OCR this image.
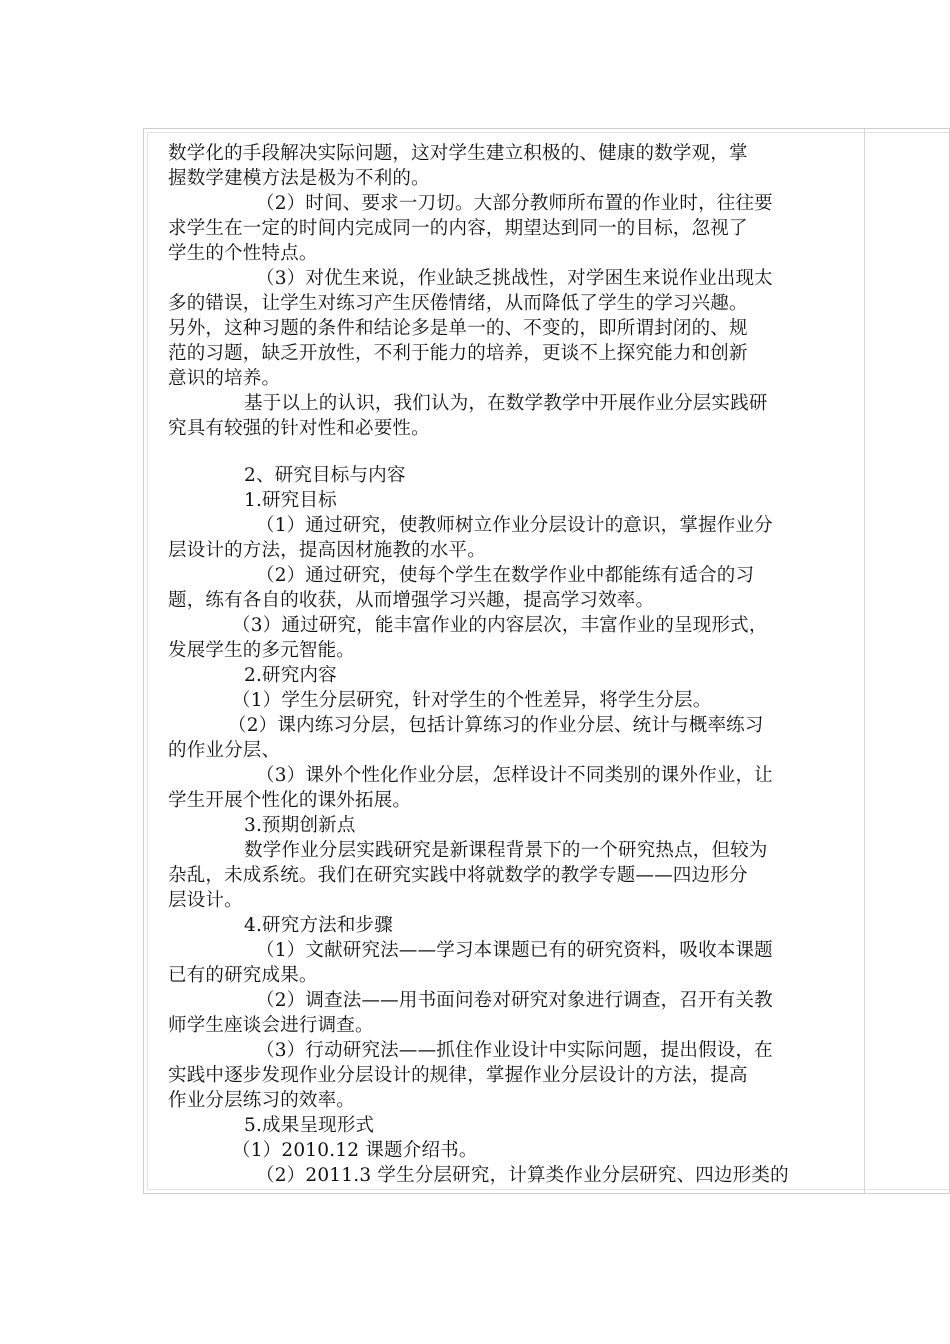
数学化的手段解决实际问题，这对学生建立积极的、健康的数学观，掌
握数学建模方法是极为不利的。
（2）时间、要求一刀切。大部分教师所布置的作业时，往往要
求学生在一定的时间内完成同一的内容，期望达到同一的目标，忽视了
学生的个性特点。
（3）对优生来说，作业缺乏挑战性，对学困生来说作业出现太
多的错误，让学生对练习产生厌倦情绪，从而降低了学生的学习兴趣。
另外，这种习题的条件和结论多是单一的、不变的，即所谓封闭的、规
范的习题，缺乏开放性，不利于能力的培养，更谈不上探究能力和创新
意识的培养。
基于以上的认识，我们认为，在数学教学中开展作业分层实践研
究具有较强的针对性和必要性。
2、研究目标与内容
1.研究目标
（1）通过研究，使教师树立作业分层设计的意识，掌握作业分
层设计的方法，提高因材施教的水平。
（2）通过研究，使每个学生在数学作业中都能练有适合的习
题，练有各自的收获，从而增强学习兴趣，提高学习效率。
（3）通过研究，能丰富作业的内容层次，丰富作业的呈现形式，
发展学生的多元智能。
2.研究内容
（1）学生分层研究，针对学生的个性差异，将学生分层。
（2）课内练习分层，包括计算练习的作业分层、统计与概率练习
的作业分层、
（3）课外个性化作业分层，怎样设计不同类别的课外作业，让
学生开展个性化的课外拓展。
3.预期创新点
数学作业分层实践研究是新课程背景下的一个研究热点，但较为
杂乱，未成系统。我们在研究实践中将就数学的教学专题——四边形分
层设计。
4.研究方法和步骤
（1）文献研究法——学习本课题已有的研究资料，吸收本课题
已有的研究成果。
（2）调查法——用书面问卷对研究对象进行调查，召开有关教
师学生座谈会进行调查。
（3）行动研究法——抓住作业设计中实际问题，提出假设，在
实践中逐步发现作业分层设计的规律，掌握作业分层设计的方法，提高
作业分层练习的效率。
5.成果呈现形式
（1）2010.12 课题介绍书。
（2）2011.3 学生分层研究，计算类作业分层研究、四边形类的
